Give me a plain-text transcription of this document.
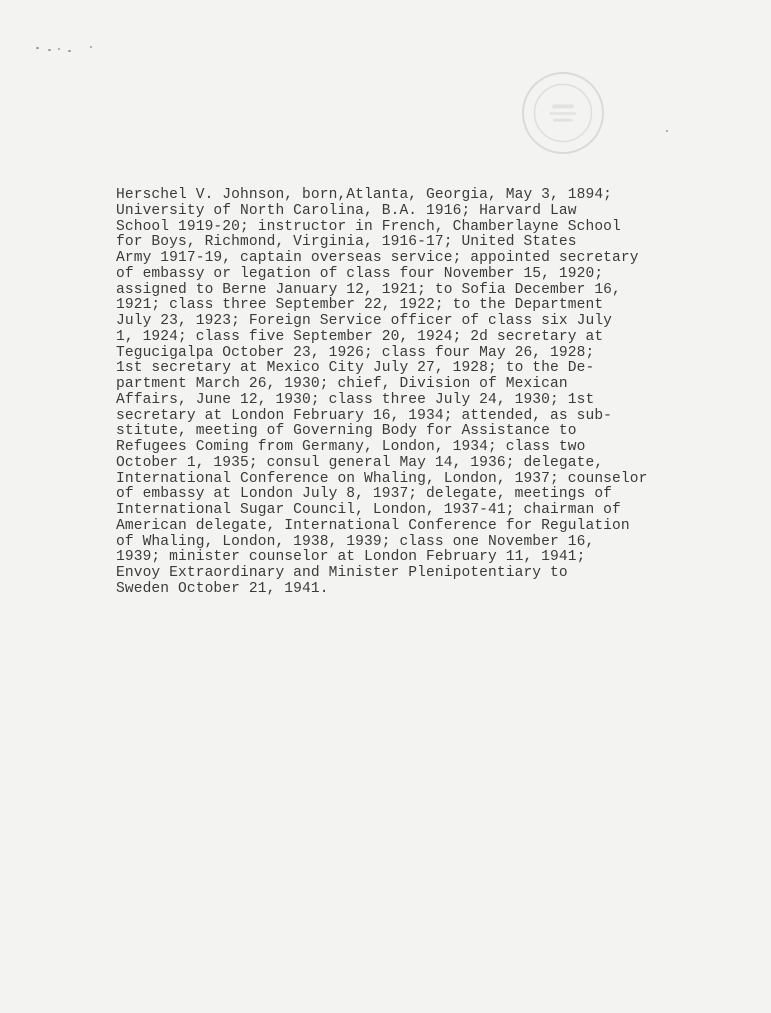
Herschel V. Johnson, born,Atlanta, Georgia, May 3, 1894;
University of North Carolina, B.A. 1916; Harvard Law
School 1919-20; instructor in French, Chamberlayne School
for Boys, Richmond, Virginia, 1916-17; United States
Army 1917-19, captain overseas service; appointed secretary
of embassy or legation of class four November 15, 1920;
assigned to Berne January 12, 1921; to Sofia December 16,
1921; class three September 22, 1922; to the Department
July 23, 1923; Foreign Service officer of class six July
1, 1924; class five September 20, 1924; 2d secretary at
Tegucigalpa October 23, 1926; class four May 26, 1928;
1st secretary at Mexico City July 27, 1928; to the De-
partment March 26, 1930; chief, Division of Mexican
Affairs, June 12, 1930; class three July 24, 1930; 1st
secretary at London February 16, 1934; attended, as sub-
stitute, meeting of Governing Body for Assistance to
Refugees Coming from Germany, London, 1934; class two
October 1, 1935; consul general May 14, 1936; delegate,
International Conference on Whaling, London, 1937; counselor
of embassy at London July 8, 1937; delegate, meetings of
International Sugar Council, London, 1937-41; chairman of
American delegate, International Conference for Regulation
of Whaling, London, 1938, 1939; class one November 16,
1939; minister counselor at London February 11, 1941;
Envoy Extraordinary and Minister Plenipotentiary to
Sweden October 21, 1941.
